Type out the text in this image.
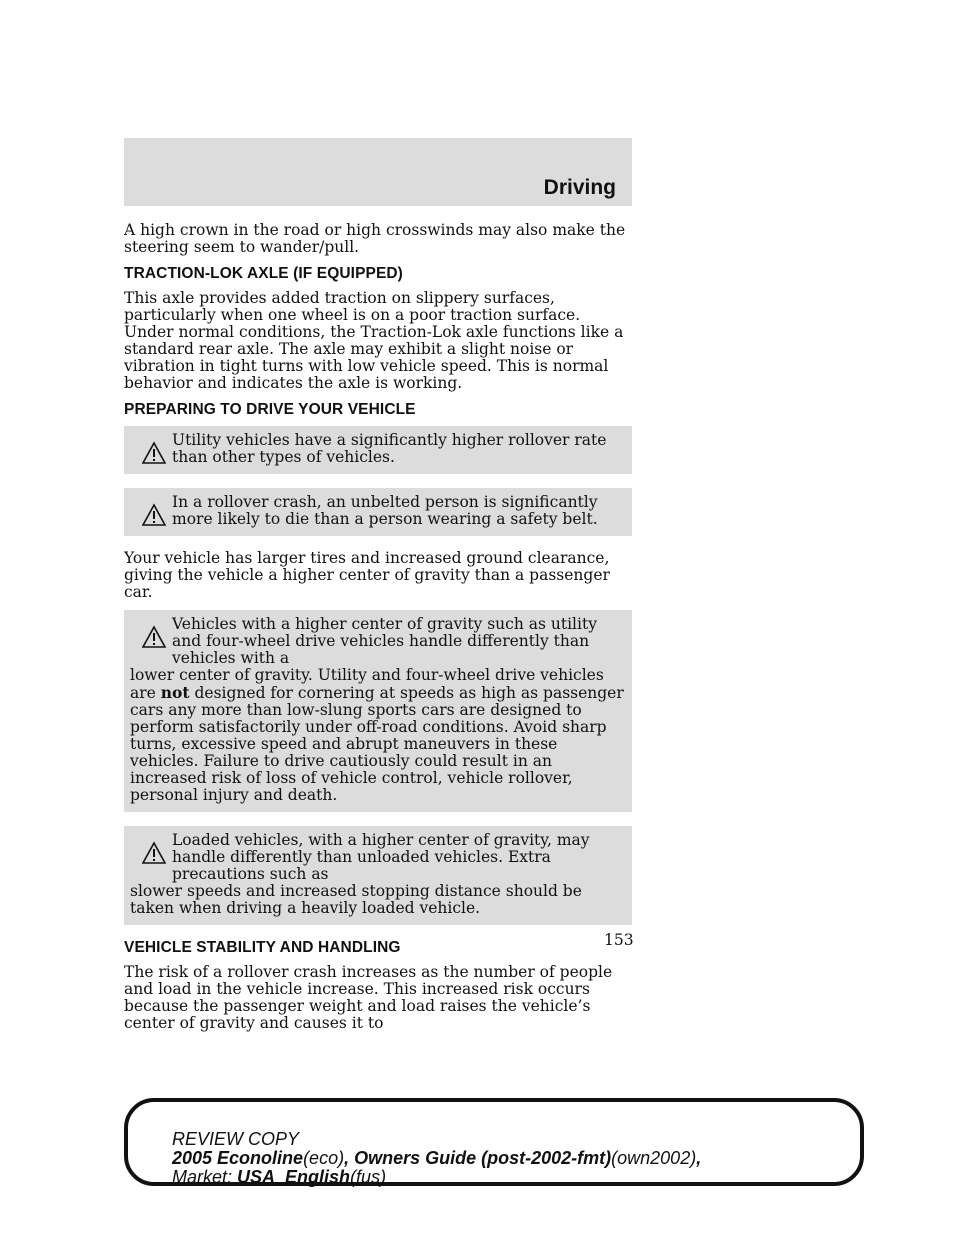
Driving

A high crown in the road or high crosswinds may also make the steering seem to wander/pull.

TRACTION-LOK AXLE (IF EQUIPPED)

This axle provides added traction on slippery surfaces, particularly when one wheel is on a poor traction surface. Under normal conditions, the Traction-Lok axle functions like a standard rear axle. The axle may exhibit a slight noise or vibration in tight turns with low vehicle speed. This is normal behavior and indicates the axle is working.

PREPARING TO DRIVE YOUR VEHICLE

Utility vehicles have a significantly higher rollover rate than other types of vehicles.

In a rollover crash, an unbelted person is significantly more likely to die than a person wearing a safety belt.

Your vehicle has larger tires and increased ground clearance, giving the vehicle a higher center of gravity than a passenger car.

Vehicles with a higher center of gravity such as utility and four-wheel drive vehicles handle differently than vehicles with a

lower center of gravity. Utility and four-wheel drive vehicles are not designed for cornering at speeds as high as passenger cars any more than low-slung sports cars are designed to perform satisfactorily under off-road conditions. Avoid sharp turns, excessive speed and abrupt maneuvers in these vehicles. Failure to drive cautiously could result in an increased risk of loss of vehicle control, vehicle rollover, personal injury and death.

Loaded vehicles, with a higher center of gravity, may handle differently than unloaded vehicles. Extra precautions such as

slower speeds and increased stopping distance should be taken when driving a heavily loaded vehicle.

VEHICLE STABILITY AND HANDLING

The risk of a rollover crash increases as the number of people and load in the vehicle increase. This increased risk occurs because the passenger weight and load raises the vehicle’s center of gravity and causes it to

153
REVIEW COPY
2005 Econoline(eco), Owners Guide (post-2002-fmt)(own2002),
Market: USA_English(fus)
